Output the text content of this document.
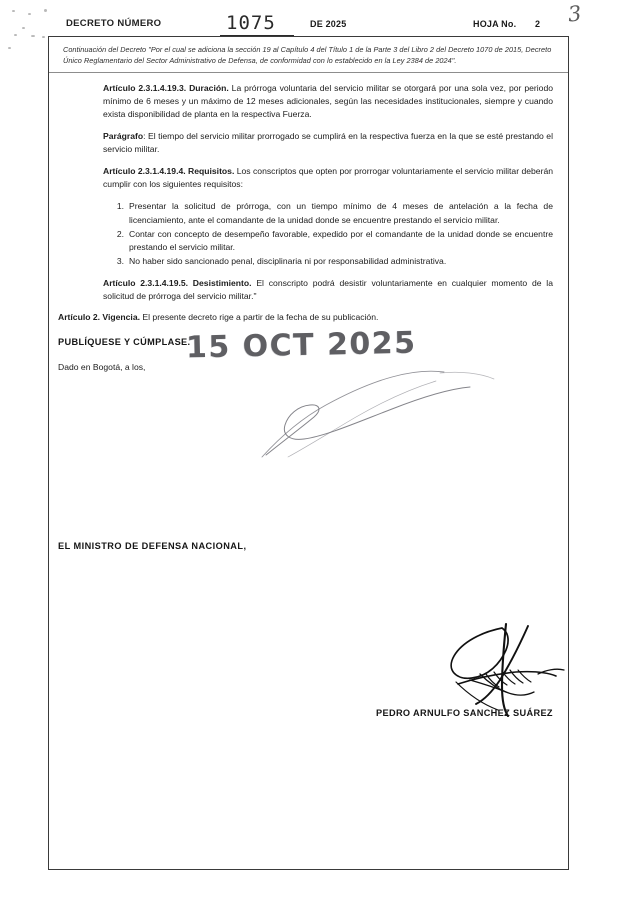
3
DECRETO NÚMERO	1075	DE 2025	HOJA No. 2
Continuación del Decreto "Por el cual se adiciona la sección 19 al Capítulo 4 del Título 1 de la Parte 3 del Libro 2 del Decreto 1070 de 2015, Decreto Único Reglamentario del Sector Administrativo de Defensa, de conformidad con lo establecido en la Ley 2384 de 2024".

Artículo 2.3.1.4.19.3. Duración. La prórroga voluntaria del servicio militar se otorgará por una sola vez, por periodo mínimo de 6 meses y un máximo de 12 meses adicionales, según las necesidades institucionales, siempre y cuando exista disponibilidad de planta en la respectiva Fuerza.

Parágrafo: El tiempo del servicio militar prorrogado se cumplirá en la respectiva fuerza en la que se esté prestando el servicio militar.

Artículo 2.3.1.4.19.4. Requisitos. Los conscriptos que opten por prorrogar voluntariamente el servicio militar deberán cumplir con los siguientes requisitos:

Presentar la solicitud de prórroga, con un tiempo mínimo de 4 meses de antelación a la fecha de licenciamiento, ante el comandante de la unidad donde se encuentre prestando el servicio militar.
Contar con concepto de desempeño favorable, expedido por el comandante de la unidad donde se encuentre prestando el servicio militar.
No haber sido sancionado penal, disciplinaria ni por responsabilidad administrativa.

Artículo 2.3.1.4.19.5. Desistimiento. El conscripto podrá desistir voluntariamente en cualquier momento de la solicitud de prórroga del servicio militar."

Artículo 2. Vigencia. El presente decreto rige a partir de la fecha de su publicación.

PUBLÍQUESE Y CÚMPLASE.

Dado en Bogotá, a los,

15 OCT 2025
EL MINISTRO DE DEFENSA NACIONAL,
PEDRO ARNULFO SANCHEZ SUÁREZ
